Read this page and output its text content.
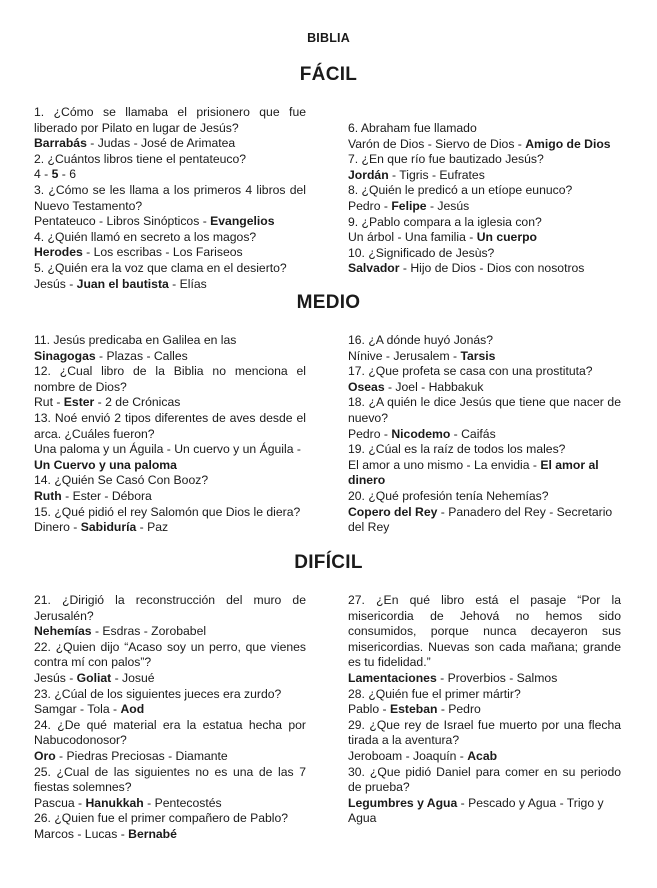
BIBLIA
FÁCIL
1. ¿Cómo se llamaba el prisionero que fue liberado por Pilato en lugar de Jesús?
Barrabás - Judas - José de Arimatea
2. ¿Cuántos libros tiene el pentateuco?
4 - 5 - 6
3. ¿Cómo se les llama a los primeros 4 libros del Nuevo Testamento?
Pentateuco - Libros Sinópticos - Evangelios
4. ¿Quién llamó en secreto a los magos?
Herodes - Los escribas - Los Fariseos
5. ¿Quién era la voz que clama en el desierto?
Jesús - Juan el bautista - Elías
6. Abraham fue llamado
Varón de Dios - Siervo de Dios - Amigo de Dios
7. ¿En que río fue bautizado Jesús?
Jordán - Tigris - Eufrates
8. ¿Quién le predicó a un etíope eunuco?
Pedro - Felipe - Jesús
9. ¿Pablo compara a la iglesia con?
Un árbol - Una familia - Un cuerpo
10. ¿Significado de Jesùs?
Salvador - Hijo de Dios - Dios con nosotros
MEDIO
11. Jesús predicaba en Galilea en las
Sinagogas - Plazas - Calles
12. ¿Cual libro de la Biblia no menciona el nombre de Dios?
Rut - Ester - 2 de Crónicas
13. Noé envió 2 tipos diferentes de aves desde el arca. ¿Cuáles fueron?
Una paloma y un Águila - Un cuervo y un Águila - Un Cuervo y una paloma
14. ¿Quién Se Casó Con Booz?
Ruth - Ester - Débora
15. ¿Qué pidió el rey Salomón que Dios le diera?
Dinero - Sabiduría - Paz
16. ¿A dónde huyó Jonás?
Nínive - Jerusalem - Tarsis
17. ¿Que profeta se casa con una prostituta?
Oseas - Joel - Habbakuk
18. ¿A quién le dice Jesús que tiene que nacer de nuevo?
Pedro - Nicodemo - Caifás
19. ¿Cúal es la raíz de todos los males?
El amor a uno mismo - La envidia - El amor al dinero
20. ¿Qué profesión tenía Nehemías?
Copero del Rey - Panadero del Rey - Secretario del Rey
DIFÍCIL
21. ¿Dirigió la reconstrucción del muro de Jerusalén?
Nehemías - Esdras - Zorobabel
22. ¿Quien dijo “Acaso soy un perro, que vienes contra mí con palos”?
Jesús - Goliat - Josué
23. ¿Cúal de los siguientes jueces era zurdo?
Samgar - Tola - Aod
24. ¿De qué material era la estatua hecha por Nabucodonosor?
Oro - Piedras Preciosas - Diamante
25. ¿Cual de las siguientes no es una de las 7 fiestas solemnes?
Pascua - Hanukkah - Pentecostés
26. ¿Quien fue el primer compañero de Pablo?
Marcos - Lucas - Bernabé
27. ¿En qué libro está el pasaje “Por la misericordia de Jehová no hemos sido consumidos, porque nunca decayeron sus misericordias. Nuevas son cada mañana; grande es tu fidelidad.”
Lamentaciones - Proverbios - Salmos
28. ¿Quién fue el primer mártir?
Pablo - Esteban - Pedro
29. ¿Que rey de Israel fue muerto por una flecha tirada a la aventura?
Jeroboam - Joaquín - Acab
30. ¿Que pidió Daniel para comer en su periodo de prueba?
Legumbres y Agua - Pescado y Agua - Trigo y Agua
